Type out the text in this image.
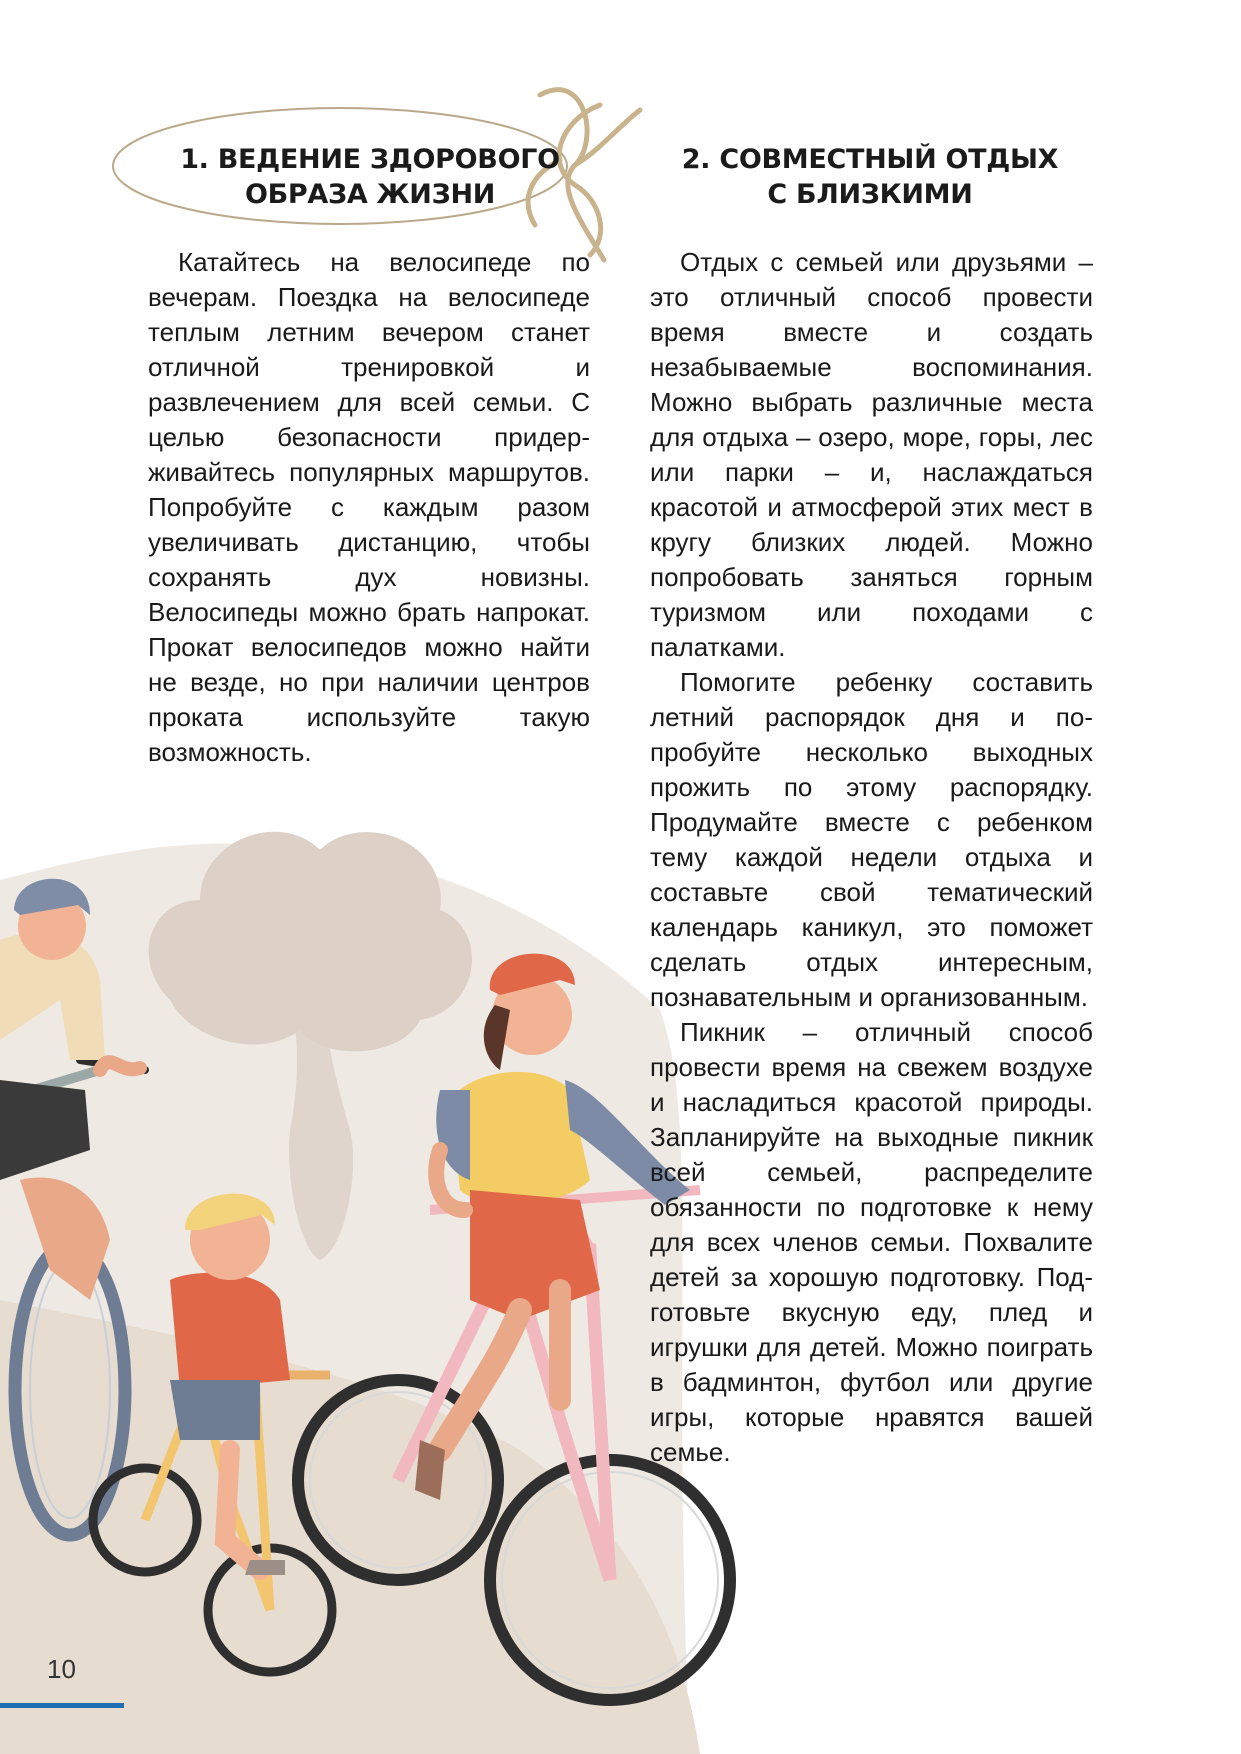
1. ВЕДЕНИЕ ЗДОРОВОГО
ОБРАЗА ЖИЗНИ
2. СОВМЕСТНЫЙ ОТДЫХ
С БЛИЗКИМИ

Катайтесь на велосипеде по вечерам. Поездка на велосипеде теплым летним вечером станет отличной тренировкой и развлечением для всей семьи. С целью безопасности придерживайтесь популярных маршрутов. Попробуйте с каждым разом увеличивать дистанцию, чтобы сохранять дух новизны. Велосипеды можно брать напрокат. Прокат велосипедов можно найти не везде, но при наличии центров проката используйте такую возможность.

Отдых с семьей или друзьями – это отличный способ провести время вместе и создать незабываемые воспоминания. Можно выбрать различные места для отдыха – озеро, море, горы, лес или парки – и, наслаждаться красотой и атмосферой этих мест в кругу близких людей. Можно попробовать заняться горным туризмом или походами с палатками.

Помогите ребенку составить летний распорядок дня и попробуйте несколько выходных прожить по этому распорядку. Продумайте вместе с ребенком тему каждой недели отдыха и составьте свой тематический календарь каникул, это поможет сделать отдых интересным, познавательным и организованным.

Пикник – отличный способ провести время на свежем воздухе и насладиться красотой природы. Запланируйте на выходные пикник всей семьей, распределите обязанности по подготовке к нему для всех членов семьи. Похвалите детей за хорошую подготовку. Подготовьте вкусную еду, плед и игрушки для детей. Можно поиграть в бадминтон, футбол или другие игры, которые нравятся вашей семье.

10
